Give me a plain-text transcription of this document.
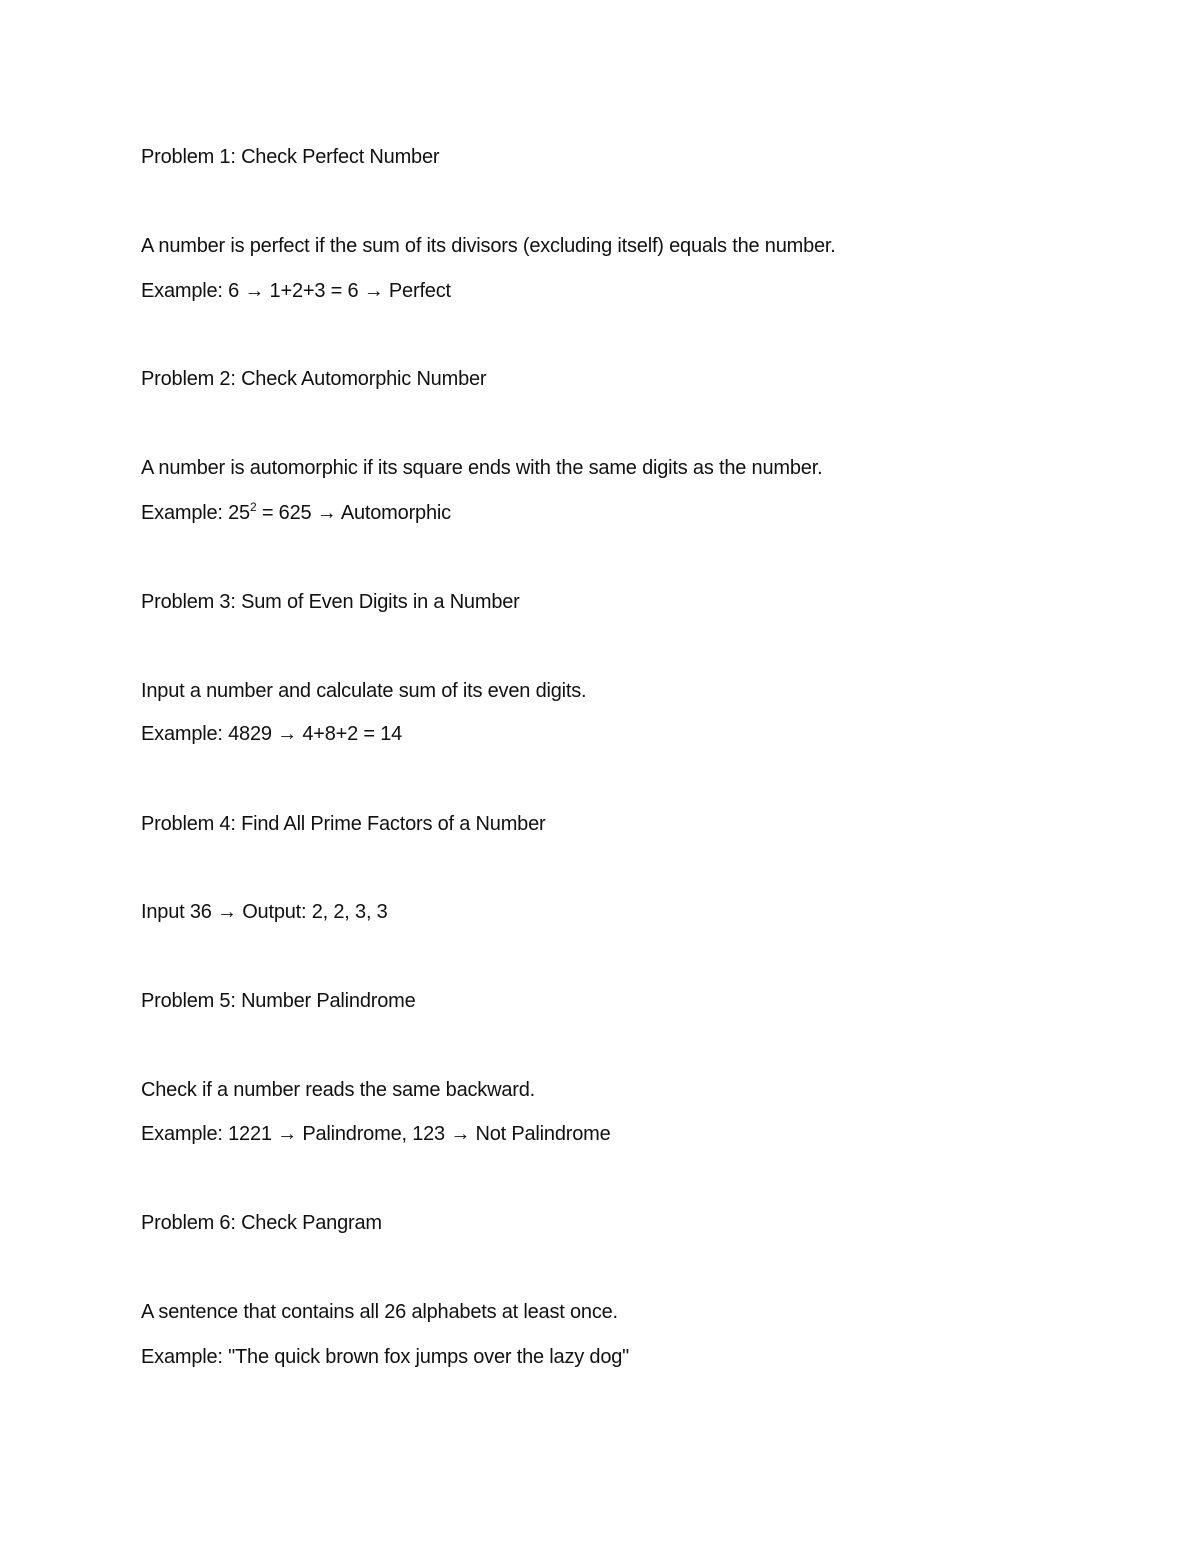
Problem 1: Check Perfect Number
A number is perfect if the sum of its divisors (excluding itself) equals the number.
Example: 6 → 1+2+3 = 6 → Perfect
Problem 2: Check Automorphic Number
A number is automorphic if its square ends with the same digits as the number.
Example: $25^2 = 625$ → Automorphic
Problem 3: Sum of Even Digits in a Number
Input a number and calculate sum of its even digits.
Example: 4829 → 4+8+2 = 14
Problem 4: Find All Prime Factors of a Number
Input 36 → Output: 2, 2, 3, 3
Problem 5: Number Palindrome
Check if a number reads the same backward.
Example: 1221 → Palindrome, 123 → Not Palindrome
Problem 6: Check Pangram
A sentence that contains all 26 alphabets at least once.
Example: "The quick brown fox jumps over the lazy dog"
